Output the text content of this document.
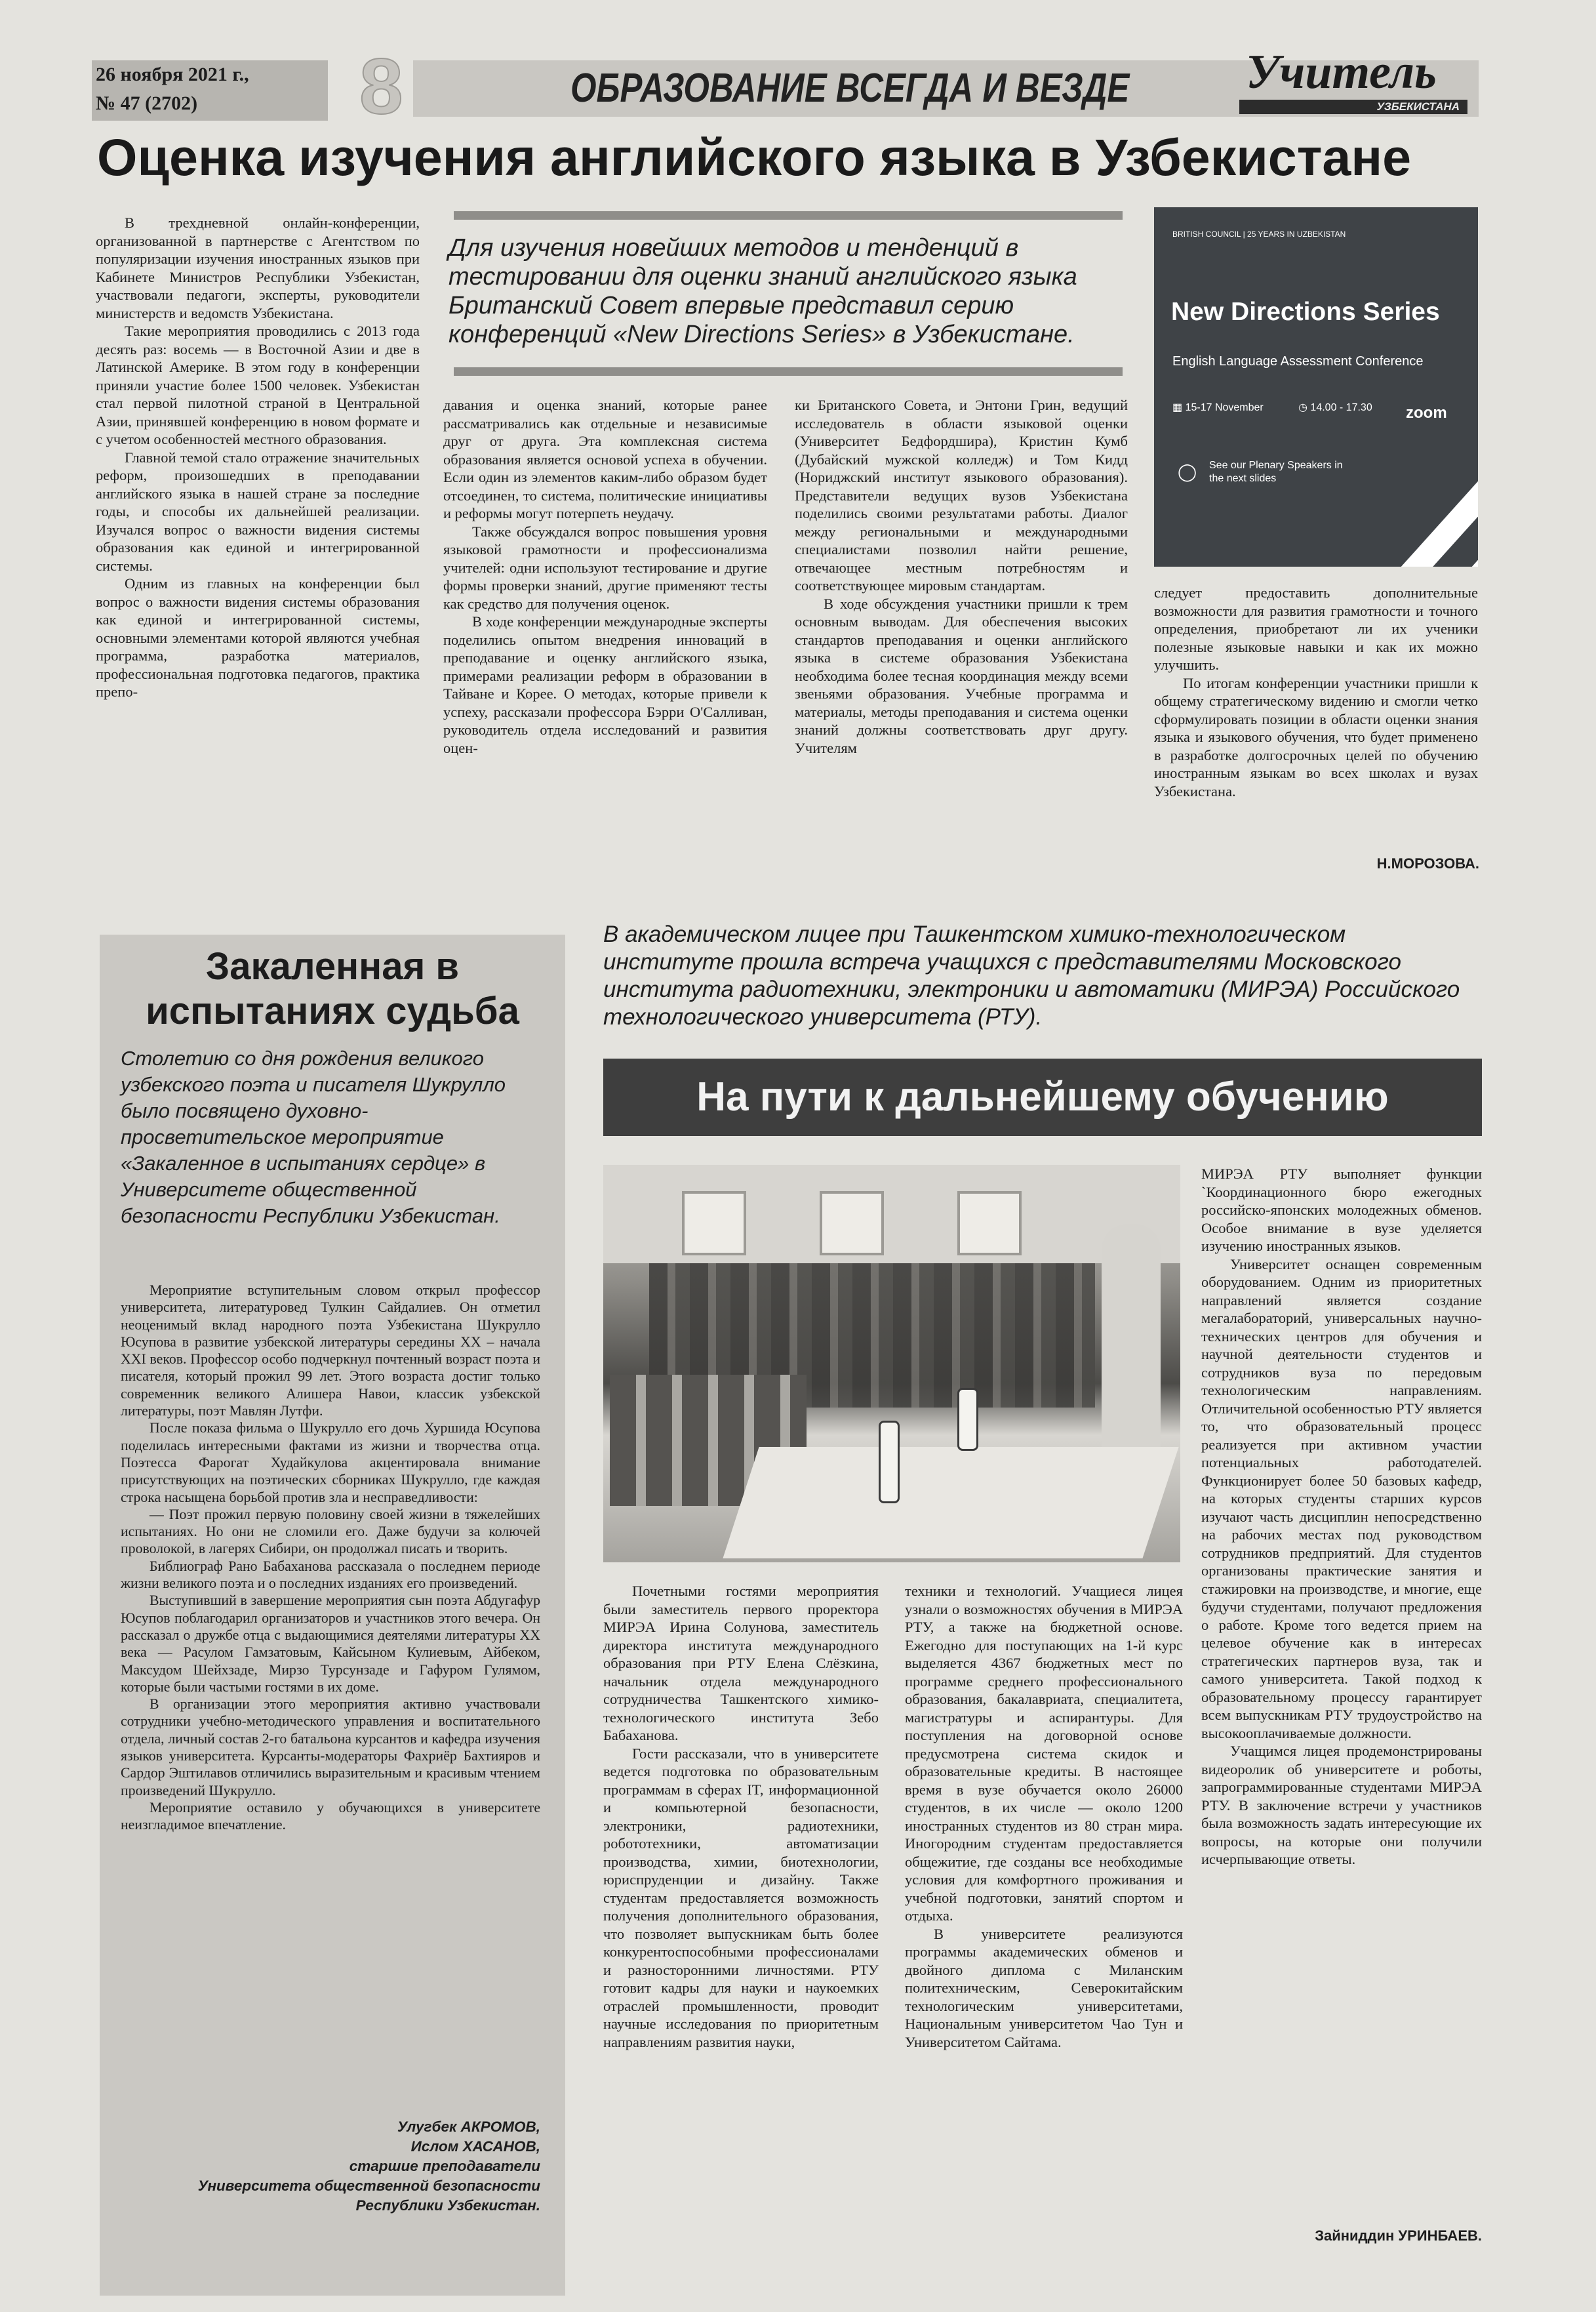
26 ноября 2021 г.,
№ 47 (2702)	8	ОБРАЗОВАНИЕ ВСЕГДА И ВЕЗДЕ Учитель
УЗБЕКИСТАНА
Оценка изучения английского языка в Узбекистане

В трехдневной онлайн-конференции, организованной в партнерстве с Агентством по популяризации изучения иностранных языков при Кабинете Министров Республики Узбекистан, участвовали педагоги, эксперты, руководители министерств и ведомств Узбекистана.

Такие мероприятия проводились с 2013 года десять раз: восемь — в Восточной Азии и две в Латинской Америке. В этом году в конференции приняли участие более 1500 человек. Узбекистан стал первой пилотной страной в Центральной Азии, принявшей конференцию в новом формате и с учетом особенностей местного образования.

Главной темой стало отражение значительных реформ, произошедших в преподавании английского языка в нашей стране за последние годы, и способы их дальнейшей реализации. Изучался вопрос о важности видения системы образования как единой и интегрированной системы.

Одним из главных на конференции был вопрос о важности видения системы образования как единой и интегрированной системы, основными элементами которой являются учебная программа, разработка материалов, профессиональная подготовка педагогов, практика препо-

Для изучения новейших методов и тенденций в тестировании для оценки знаний английского языка Британский Совет впервые представил серию конференций «New Directions Series» в Узбекистане.

давания и оценка знаний, которые ранее рассматривались как отдельные и независимые друг от друга. Эта комплексная система образования является основой успеха в обучении. Если один из элементов каким-либо образом будет отсоединен, то система, политические инициативы и реформы могут потерпеть неудачу.

Также обсуждался вопрос повышения уровня языковой грамотности и профессионализма учителей: одни используют тестирование и другие формы проверки знаний, другие применяют тесты как средство для получения оценок.

В ходе конференции международные эксперты поделились опытом внедрения инноваций в преподавание и оценку английского языка, примерами реализации реформ в образовании в Тайване и Корее. О методах, которые привели к успеху, рассказали профессора Бэрри О'Салливан, руководитель отдела исследований и развития оцен-

ки Британского Совета, и Энтони Грин, ведущий исследователь в области языковой оценки (Университет Бедфордшира), Кристин Кумб (Дубайский мужской колледж) и Том Кидд (Нориджский институт языкового образования). Представители ведущих вузов Узбекистана поделились своими результатами работы. Диалог между региональными и международными специалистами позволил найти решение, отвечающее местным потребностям и соответствующее мировым стандартам.

В ходе обсуждения участники пришли к трем основным выводам. Для обеспечения высоких стандартов преподавания и оценки английского языка в системе образования Узбекистана необходима более тесная координация между всеми звеньями образования. Учебные программа и материалы, методы преподавания и система оценки знаний должны соответствовать друг другу. Учителям

BRITISH COUNCIL | 25 YEARS IN UZBEKISTAN
New Directions Series
English Language Assessment Conference
▦ 15-17 November	◷ 14.00 - 17.30 zoom
◯ See our Plenary Speakers in the next slides

следует предоставить дополнительные возможности для развития грамотности и точного определения, приобретают ли их ученики полезные языковые навыки и как их можно улучшить.

По итогам конференции участники пришли к общему стратегическому видению и смогли четко сформулировать позиции в области оценки знания языка и языкового обучения, что будет применено в разработке долгосрочных целей по обучению иностранным языкам во всех школах и вузах Узбекистана.

Н.МОРОЗОВА.
Закаленная в испытаниях судьба
Столетию со дня рождения великого узбекского поэта и писателя Шукрулло было посвящено духовно-просветительское мероприятие «Закаленное в испытаниях сердце» в Университете общественной безопасности Республики Узбекистан.

Мероприятие вступительным словом открыл профессор университета, литературовед Тулкин Сайдалиев. Он отметил неоценимый вклад народного поэта Узбекистана Шукрулло Юсупова в развитие узбекской литературы середины XX – начала XXI веков. Профессор особо подчеркнул почтенный возраст поэта и писателя, который прожил 99 лет. Этого возраста достиг только современник великого Алишера Навои, классик узбекской литературы, поэт Мавлян Лутфи.

После показа фильма о Шукрулло его дочь Хуршида Юсупова поделилась интересными фактами из жизни и творчества отца. Поэтесса Фарогат Худайкулова акцентировала внимание присутствующих на поэтических сборниках Шукрулло, где каждая строка насыщена борьбой против зла и несправедливости:

— Поэт прожил первую половину своей жизни в тяжелейших испытаниях. Но они не сломили его. Даже будучи за колючей проволокой, в лагерях Сибири, он продолжал писать и творить.

Библиограф Рано Бабаханова рассказала о последнем периоде жизни великого поэта и о последних изданиях его произведений.

Выступивший в завершение мероприятия сын поэта Абдугафур Юсупов поблагодарил организаторов и участников этого вечера. Он рассказал о дружбе отца с выдающимися деятелями литературы XX века — Расулом Гамзатовым, Кайсыном Кулиевым, Айбеком, Максудом Шейхзаде, Мирзо Турсунзаде и Гафуром Гулямом, которые были частыми гостями в их доме.

В организации этого мероприятия активно участвовали сотрудники учебно-методического управления и воспитательного отдела, личный состав 2-го батальона курсантов и кафедра изучения языков университета. Курсанты-модераторы Фахриёр Бахтияров и Сардор Эштилавов отличились выразительным и красивым чтением произведений Шукрулло.

Мероприятие оставило у обучающихся в университете неизгладимое впечатление.

Улугбек АКРОМОВ,
Ислом ХАСАНОВ,
старшие преподаватели
Университета общественной безопасности
Республики Узбекистан.
В академическом лицее при Ташкентском химико-технологическом институте прошла встреча учащихся с представителями Московского института радиотехники, электроники и автоматики (МИРЭА) Российского технологического университета (РТУ).
На пути к дальнейшему обучению

МИРЭА РТУ выполняет функции `Координационного бюро ежегодных российско-японских молодежных обменов. Особое внимание в вузе уделяется изучению иностранных языков.

Университет оснащен современным оборудованием. Одним из приоритетных направлений является создание мегалабораторий, универсальных научно-технических центров для обучения и научной деятельности студентов и сотрудников вуза по передовым технологическим направлениям. Отличительной особенностью РТУ является то, что образовательный процесс реализуется при активном участии потенциальных работодателей. Функционирует более 50 базовых кафедр, на которых студенты старших курсов изучают часть дисциплин непосредственно на рабочих местах под руководством сотрудников предприятий. Для студентов организованы практические занятия и стажировки на производстве, и многие, еще будучи студентами, получают предложения о работе. Кроме того ведется прием на целевое обучение как в интересах стратегических партнеров вуза, так и самого университета. Такой подход к образовательному процессу гарантирует всем выпускникам РТУ трудоустройство на высокооплачиваемые должности.

Учащимся лицея продемонстрированы видеоролик об университете и роботы, запрограммированные студентами МИРЭА РТУ. В заключение встречи у участников была возможность задать интересующие их вопросы, на которые они получили исчерпывающие ответы.

Почетными гостями мероприятия были заместитель первого проректора МИРЭА Ирина Солунова, заместитель директора института международного образования при РТУ Елена Слёзкина, начальник отдела международного сотрудничества Ташкентского химико-технологического института Зебо Бабаханова.

Гости рассказали, что в университете ведется подготовка по образовательным программам в сферах IT, информационной и компьютерной безопасности, электроники, радиотехники, робототехники, автоматизации производства, химии, биотехнологии, юриспруденции и дизайну. Также студентам предоставляется возможность получения дополнительного образования, что позволяет выпускникам быть более конкурентоспособными профессионалами и разносторонними личностями. РТУ готовит кадры для науки и наукоемких отраслей промышленности, проводит научные исследования по приоритетным направлениям развития науки,

техники и технологий. Учащиеся лицея узнали о возможностях обучения в МИРЭА РТУ, а также на бюджетной основе. Ежегодно для поступающих на 1-й курс выделяется 4367 бюджетных мест по программе среднего профессионального образования, бакалавриата, специалитета, магистратуры и аспирантуры. Для поступления на договорной основе предусмотрена система скидок и образовательные кредиты. В настоящее время в вузе обучается около 26000 студентов, в их числе — около 1200 иностранных студентов из 80 стран мира. Иногородним студентам предоставляется общежитие, где созданы все необходимые условия для комфортного проживания и учебной подготовки, занятий спортом и отдыха.

В университете реализуются программы академических обменов и двойного диплома с Миланским политехническим, Северокитайским технологическим университетами, Национальным университетом Чао Тун и Университетом Сайтама.

Зайниддин УРИНБАЕВ.
